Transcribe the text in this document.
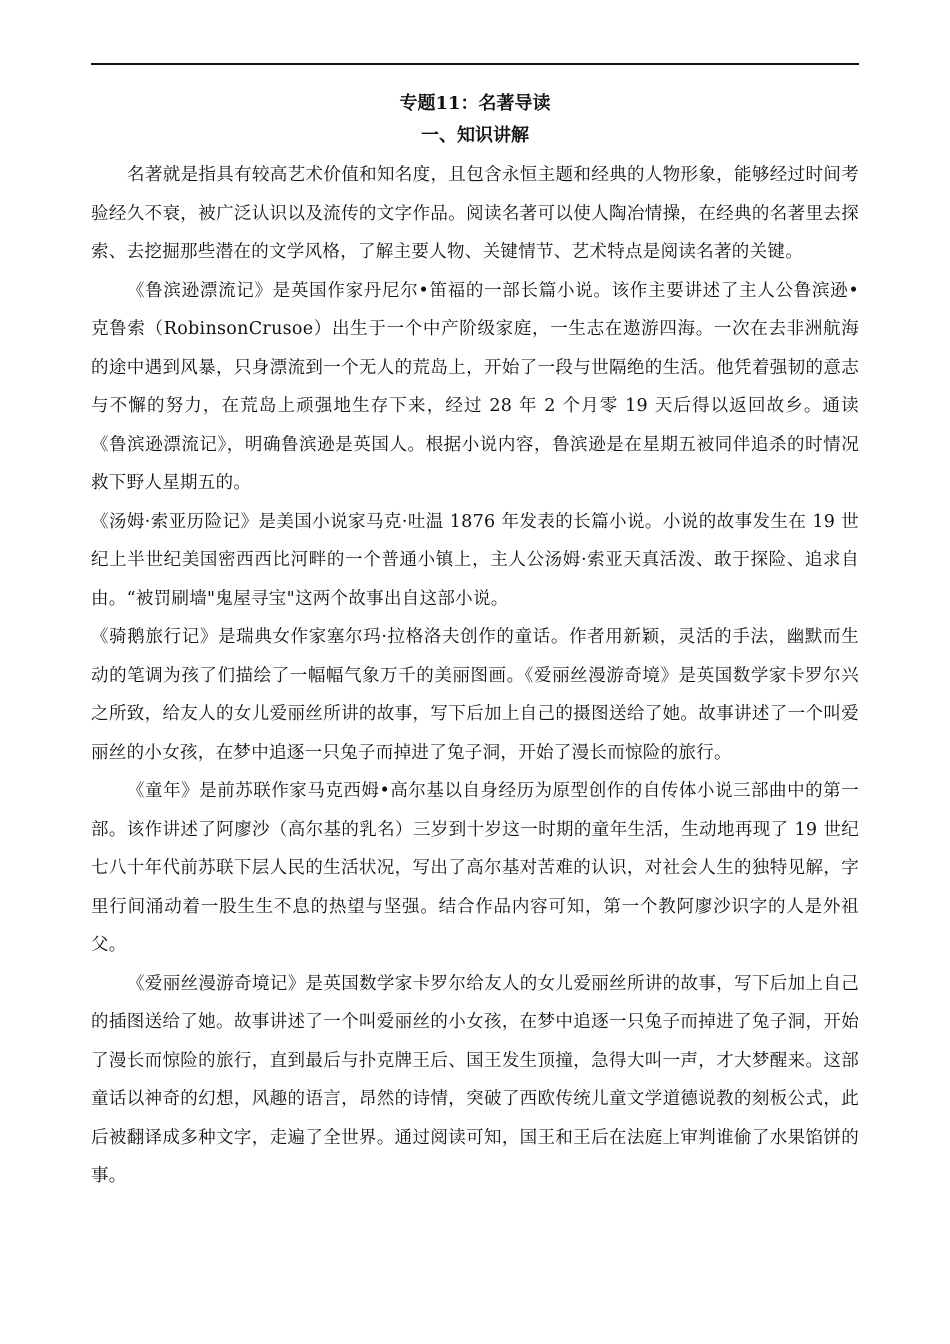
专题11：名著导读

一、知识讲解

名著就是指具有较高艺术价值和知名度，且包含永恒主题和经典的人物形象，能够经过时间考验经久不衰，被广泛认识以及流传的文字作品。阅读名著可以使人陶冶情操，在经典的名著里去探索、去挖掘那些潜在的文学风格，了解主要人物、关键情节、艺术特点是阅读名著的关键。

《鲁滨逊漂流记》是英国作家丹尼尔•笛福的一部长篇小说。该作主要讲述了主人公鲁滨逊•克鲁索（RobinsonCrusoe）出生于一个中产阶级家庭，一生志在遨游四海。一次在去非洲航海的途中遇到风暴，只身漂流到一个无人的荒岛上，开始了一段与世隔绝的生活。他凭着强韧的意志与不懈的努力，在荒岛上顽强地生存下来，经过 28 年 2 个月零 19 天后得以返回故乡。通读《鲁滨逊漂流记》，明确鲁滨逊是英国人。根据小说内容，鲁滨逊是在星期五被同伴追杀的时情况救下野人星期五的。

《汤姆·索亚历险记》是美国小说家马克·吐温 1876 年发表的长篇小说。小说的故事发生在 19 世纪上半世纪美国密西西比河畔的一个普通小镇上，主人公汤姆·索亚天真活泼、敢于探险、追求自由。“被罚刷墙"鬼屋寻宝"这两个故事出自这部小说。

《骑鹅旅行记》是瑞典女作家塞尔玛·拉格洛夫创作的童话。作者用新颖，灵活的手法，幽默而生动的笔调为孩了们描绘了一幅幅气象万千的美丽图画。《爱丽丝漫游奇境》是英国数学家卡罗尔兴之所致，给友人的女儿爱丽丝所讲的故事，写下后加上自己的摄图送给了她。故事讲述了一个叫爱丽丝的小女孩，在梦中追逐一只兔子而掉进了兔子洞，开始了漫长而惊险的旅行。

《童年》是前苏联作家马克西姆•高尔基以自身经历为原型创作的自传体小说三部曲中的第一部。该作讲述了阿廖沙（高尔基的乳名）三岁到十岁这一时期的童年生活，生动地再现了 19 世纪七八十年代前苏联下层人民的生活状况，写出了高尔基对苦难的认识，对社会人生的独特见解，字里行间涌动着一股生生不息的热望与坚强。结合作品内容可知，第一个教阿廖沙识字的人是外祖父。

《爱丽丝漫游奇境记》是英国数学家卡罗尔给友人的女儿爱丽丝所讲的故事，写下后加上自己的插图送给了她。故事讲述了一个叫爱丽丝的小女孩，在梦中追逐一只兔子而掉进了兔子洞，开始了漫长而惊险的旅行，直到最后与扑克牌王后、国王发生顶撞，急得大叫一声，才大梦醒来。这部童话以神奇的幻想，风趣的语言，昂然的诗情，突破了西欧传统儿童文学道德说教的刻板公式，此后被翻译成多种文字，走遍了全世界。通过阅读可知，国王和王后在法庭上审判谁偷了水果馅饼的事。
